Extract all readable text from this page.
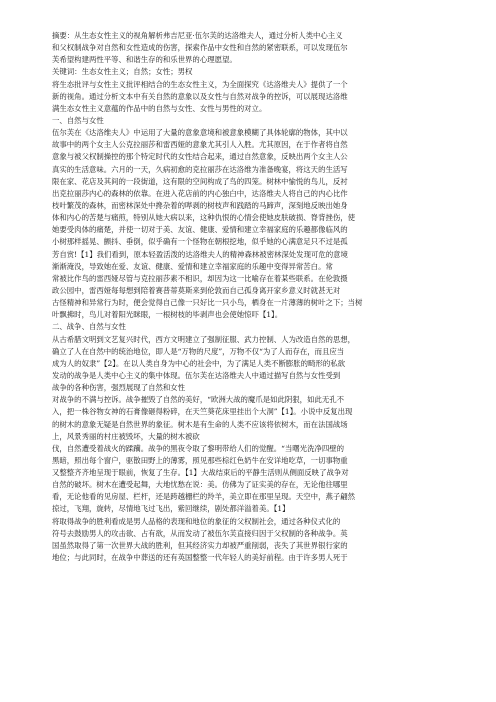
摘要：从生态女性主义的视角解析弗吉尼亚·伍尔芙的达洛维夫人，通过分析人类中心主义
和父权制战争对自然和女性造成的伤害，探索作品中女性和自然的紧密联系，可以发现伍尔
芙希望构建两性平等、和谐生存的和乐世界的心理愿望。
关键词：生态女性主义；自然；女性；男权
将生态批评与女性主义批评相结合的生态女性主义，为全面探究《达洛维夫人》提供了一个
新的视角。通过分析文本中有关自然的意象以及女性与自然对战争的控诉，可以展现达洛维
满生态女性主义意蕴的作品中的自然与女性、女性与男性的对立。
一、自然与女性
伍尔芙在《达洛维夫人》中运用了大量的意象意境和被意象模糊了具体轮廓的物体，其中以
故事中的两个女主人公克拉丽莎和雷西娅的意象尤其引人入胜。尤其原因，在于作者将自然
意象与被父权制操控的那个特定时代的女性结合起来，通过自然意象，反映出两个女主人公
真实的生活意味。六月的一天，久病初愈的克拉丽莎在达洛维为准备晚宴，将这天的生活写
限在家、花店及其间的一段街道，这有限的空间构成了鸟的四笼。树林中愉悦的鸟儿，反衬
出克拉丽莎内心的森林的依靠。在进入花店前的内心独白中，达洛维夫人将自己的内心比作
枝叶繁茂的森林，而密林深处中搀杂着的哔剥的树枝声和践踏的马蹄声，深刻地反映出她身
体和内心的苦楚与痛煎，特别从她大病以来，这种仇恨的心情会使她皮肤破损、脊背挫伤，使
她要受肉体的痛楚，并使一切对于美、友谊、健康、爱情和建立幸福家庭的乐趣都像临风的
小树那样摇晃、颤抖、垂倒，似乎确有一个怪物在朝根挖地，似乎她的心满意足只不过是孤
芳自赏!【1】我们看到，原本轻盈活泼的达洛维夫人的精神森林被密林深处发现可危的意境
渐渐淹没，导致她在爱、友谊、健康、爱情和建立幸福家庭的乐趣中变得异常苦白。常
常被比作鸟的雷西娅尽管与克拉丽莎素不相识，却因为这一比喻存在着某些联系。在伦敦摄
政公园中，雷西娅每每想到陪着赛普蒂莫斯来到伦敦而自己孤身离开家乡意义时就甚无对
古怪精神和异常行为时，便会觉得自己像一只好比一只小鸟，栖身在一片薄薄的树叶之下；当树
叶飘拂时，鸟儿对着阳光眯眼，一根树枝的毕剥声也会使她惊吓【1】。
二、战争、自然与女性
从古希腊文明到文艺复兴时代，西方文明建立了强制征服、武力控制、人为改造自然的思想，
确立了人在自然中的统治地位，即人是“万物的尺度”，万物不仅“为了人而存在，而且应当
成为人的奴隶”【2】。在以人类自身为中心的社会中，为了满足人类不断膨胀的畸形的私欲
发动的战争是人类中心主义的集中体现。伍尔芙在达洛维夫人中通过描写自然与女性受到
战争的各种伤害，强烈展现了自然和女性
对战争的不满与控诉。战争摧毁了自然的美好，“欧洲大战的魔爪是如此阴狠，如此无孔不
入，把一株谷物女神的石膏像砸得粉碎，在天竺葵花床里挂出个大洞”【1】。小说中反复出现
的树木的意象无疑是自然世界的象征。树木是有生命的人类不应该将依树木，而在法国战场
上，风景秀丽的村庄被毁坏，大量的树木被砍
伐，自然遭受着战火的蹂躏。战争的黑夜令取了黎明带给人们的觉醒。“当曙光洗净四壁的
黑暗，照出每个窗户，驱散田野上的薄雾，照见那些棕红色奶牛在安详地吃草，一切事物重
又整整齐齐地呈现于眼前，恢复了生存。【1】大战结束后的平静生活则从侧面反映了战争对
自然的破坏。树木在遭受起舞，大地忧愁在说：美。仿佛为了证实美的存在，无论他往哪里
看，无论他看的见房屋、栏杆，还是跨越栅栏的羚羊，美立即在那里呈现。天空中，燕子翩然
掠过，飞翔，旋转，尽情地飞过飞出，紫回继续，剧处都洋溢着美。【1】
将取得战争的胜利看成是男人品格的表现和地位的象征的父权制社会，通过各种仪式化的
符号去鼓励男人的攻击欲、占有欲，从而发动了被伍尔芙直接归因于父权制的各种战争。英
国虽然取得了第一次世界大战的胜利，但其经济实力却被严重削弱，丧失了其世界银行家的
地位；与此同时，在战争中葬送的还有英国整整一代年轻人的美好前程。由于许多男人死于
